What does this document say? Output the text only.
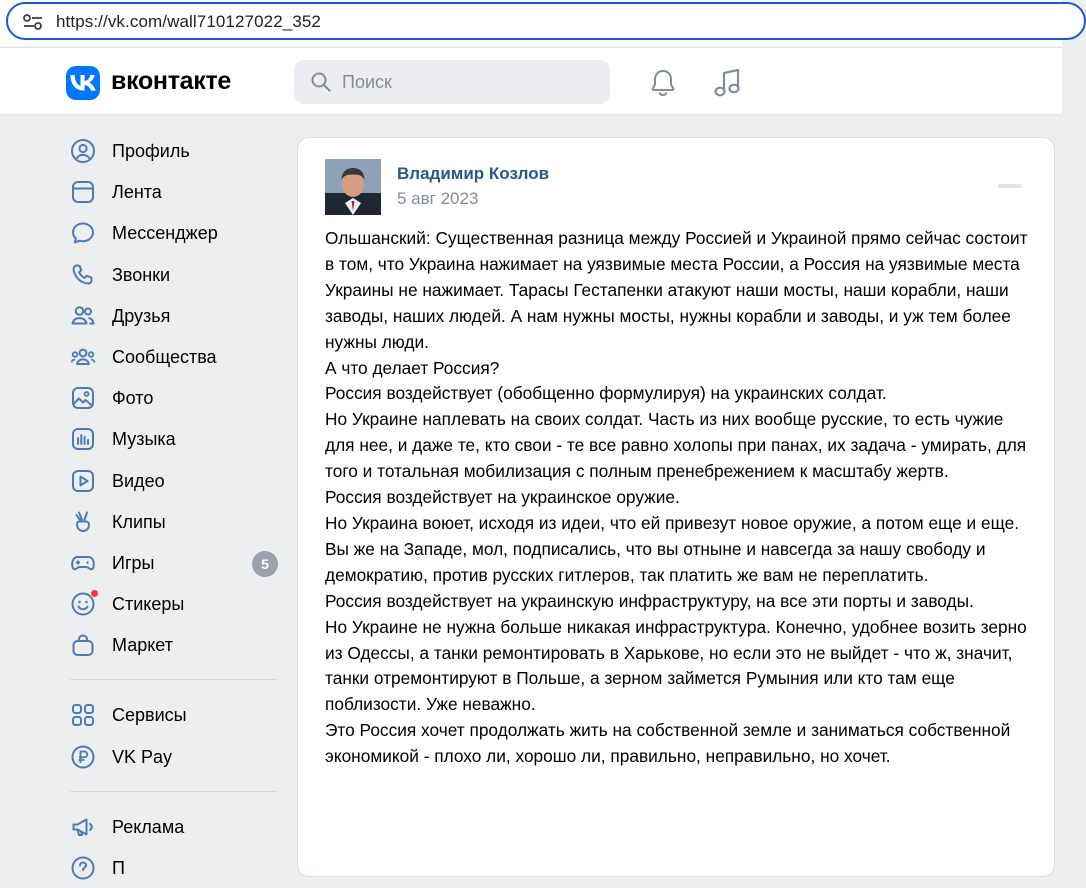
https://vk.com/wall710127022_352
вконтакте
Поиск
Профиль
Лента
Мессенджер
Звонки
Друзья
Сообщества
Фото
Музыка
Видео
Клипы
Игры	5
Стикеры
Маркет
Сервисы
VK Pay
Реклама
П
Владимир Козлов
5 авг 2023

Ольшанский: Существенная разница между Россией и Украиной прямо сейчас состоит в том, что Украина нажимает на уязвимые места России, а Россия на уязвимые места Украины не нажимает. Тарасы Гестапенки атакуют наши мосты, наши корабли, наши заводы, наших людей. А нам нужны мосты, нужны корабли и заводы, и уж тем более нужны люди.

А что делает Россия?

Россия воздействует (обобщенно формулируя) на украинских солдат.

Но Украине наплевать на своих солдат. Часть из них вообще русские, то есть чужие для нее, и даже те, кто свои - те все равно холопы при панах, их задача - умирать, для того и тотальная мобилизация с полным пренебрежением к масштабу жертв.

Россия воздействует на украинское оружие.

Но Украина воюет, исходя из идеи, что ей привезут новое оружие, а потом еще и еще. Вы же на Западе, мол, подписались, что вы отныне и навсегда за нашу свободу и демократию, против русских гитлеров, так платить же вам не переплатить.

Россия воздействует на украинскую инфраструктуру, на все эти порты и заводы.

Но Украине не нужна больше никакая инфраструктура. Конечно, удобнее возить зерно из Одессы, а танки ремонтировать в Харькове, но если это не выйдет - что ж, значит, танки отремонтируют в Польше, а зерном займется Румыния или кто там еще поблизости. Уже неважно.

Это Россия хочет продолжать жить на собственной земле и заниматься собственной экономикой - плохо ли, хорошо ли, правильно, неправильно, но хочет.
